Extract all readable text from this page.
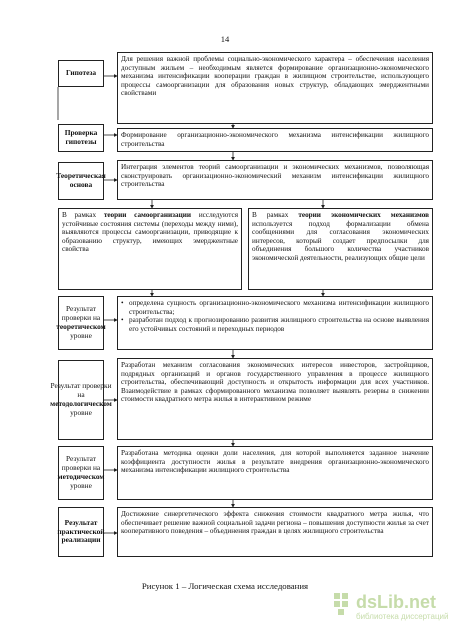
14
Гипотеза
Для решения важной проблемы социально-экономического характера – обеспечения населения доступным жильем – необходимым является формирование организационно-экономического механизма интенсификации кооперации граждан в жилищном строительстве, использующего процессы самоорганизации для образования новых структур, обладающих эмерджентными свойствами
Проверка гипотезы
Формирование организационно-экономического механизма интенсификации жилищного строительства
Теоретическая основа
Интеграция элементов теорий самоорганизации и экономических механизмов, позволяющая сконструировать организационно-экономический механизм интенсификации жилищного строительства
В рамках теории самоорганизации исследуются устойчивые состояния системы (переходы между ними), выявляются процессы самоорганизации, приводящие к образованию структур, имеющих эмерджентные свойства
В рамках теории экономических механизмов используется подход формализации обмена сообщениями для согласования экономических интересов, который создает предпосылки для объединения большого количества участников экономической деятельности, реализующих общие цели
Результат проверки на теоретическом уровне
• определена сущность организационно-экономического механизма интенсификации жилищного строительства;
• разработан подход к прогнозированию развития жилищного строительства на основе выявления его устойчивых состояний и переходных периодов
Результат проверки на методологическом уровне
Разработан механизм согласования экономических интересов инвесторов, застройщиков, подрядных организаций и органов государственного управления в процессе жилищного строительства, обеспечивающий доступность и открытость информации для всех участников. Взаимодействие в рамках сформированного механизма позволяет выявлять резервы в снижении стоимости квадратного метра жилья в интерактивном режиме
Результат проверки на методическом уровне
Разработана методика оценки доли населения, для которой выполняется заданное значение коэффициента доступности жилья в результате внедрения организационно-экономического механизма интенсификации жилищного строительства
Результат практической реализации
Достижение синергетического эффекта снижения стоимости квадратного метра жилья, что обеспечивает решение важной социальной задачи региона – повышения доступности жилья за счет кооперативного поведения – объединения граждан в целях жилищного строительства
Рисунок 1 – Логическая схема исследования
dsLib.net
библиотека диссертаций
